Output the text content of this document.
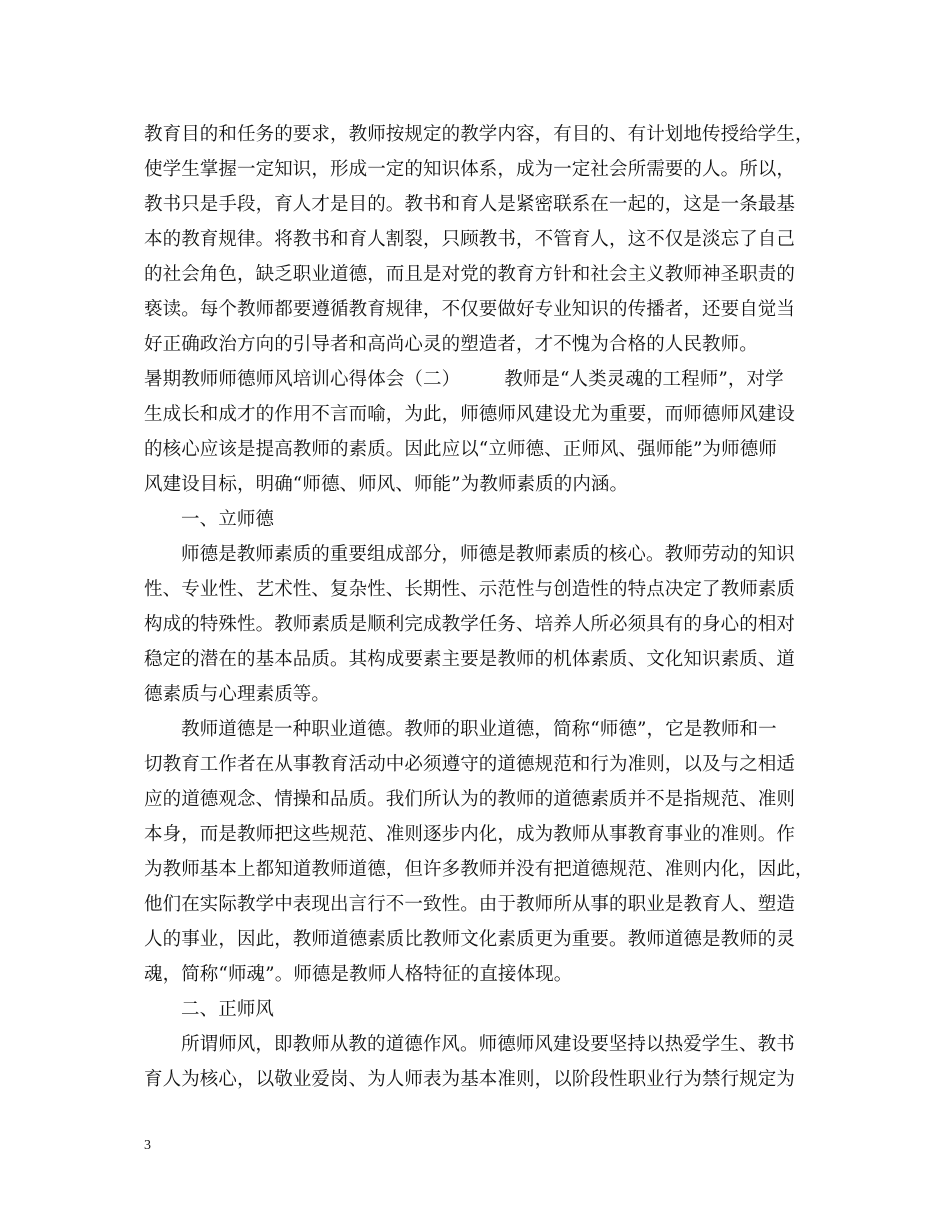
教育目的和任务的要求，教师按规定的教学内容，有目的、有计划地传授给学生，
使学生掌握一定知识，形成一定的知识体系，成为一定社会所需要的人。所以，
教书只是手段，育人才是目的。教书和育人是紧密联系在一起的，这是一条最基
本的教育规律。将教书和育人割裂，只顾教书，不管育人，这不仅是淡忘了自己
的社会角色，缺乏职业道德，而且是对党的教育方针和社会主义教师神圣职责的
亵读。每个教师都要遵循教育规律，不仅要做好专业知识的传播者，还要自觉当
好正确政治方向的引导者和高尚心灵的塑造者，才不愧为合格的人民教师。
暑期教师师德师风培训心得体会（二） 教师是“人类灵魂的工程师”，对学
生成长和成才的作用不言而喻，为此，师德师风建设尤为重要，而师德师风建设
的核心应该是提高教师的素质。因此应以“立师德、正师风、强师能”为师德师
风建设目标，明确“师德、师风、师能”为教师素质的内涵。
一、立师德
师德是教师素质的重要组成部分，师德是教师素质的核心。教师劳动的知识
性、专业性、艺术性、复杂性、长期性、示范性与创造性的特点决定了教师素质
构成的特殊性。教师素质是顺利完成教学任务、培养人所必须具有的身心的相对
稳定的潜在的基本品质。其构成要素主要是教师的机体素质、文化知识素质、道
德素质与心理素质等。
教师道德是一种职业道德。教师的职业道德，简称“师德”，它是教师和一
切教育工作者在从事教育活动中必须遵守的道德规范和行为准则，以及与之相适
应的道德观念、情操和品质。我们所认为的教师的道德素质并不是指规范、准则
本身，而是教师把这些规范、准则逐步内化，成为教师从事教育事业的准则。作
为教师基本上都知道教师道德，但许多教师并没有把道德规范、准则内化，因此，
他们在实际教学中表现出言行不一致性。由于教师所从事的职业是教育人、塑造
人的事业，因此，教师道德素质比教师文化素质更为重要。教师道德是教师的灵
魂，简称“师魂”。师德是教师人格特征的直接体现。
二、正师风
所谓师风，即教师从教的道德作风。师德师风建设要坚持以热爱学生、教书
育人为核心，以敬业爱岗、为人师表为基本准则，以阶段性职业行为禁行规定为
3
